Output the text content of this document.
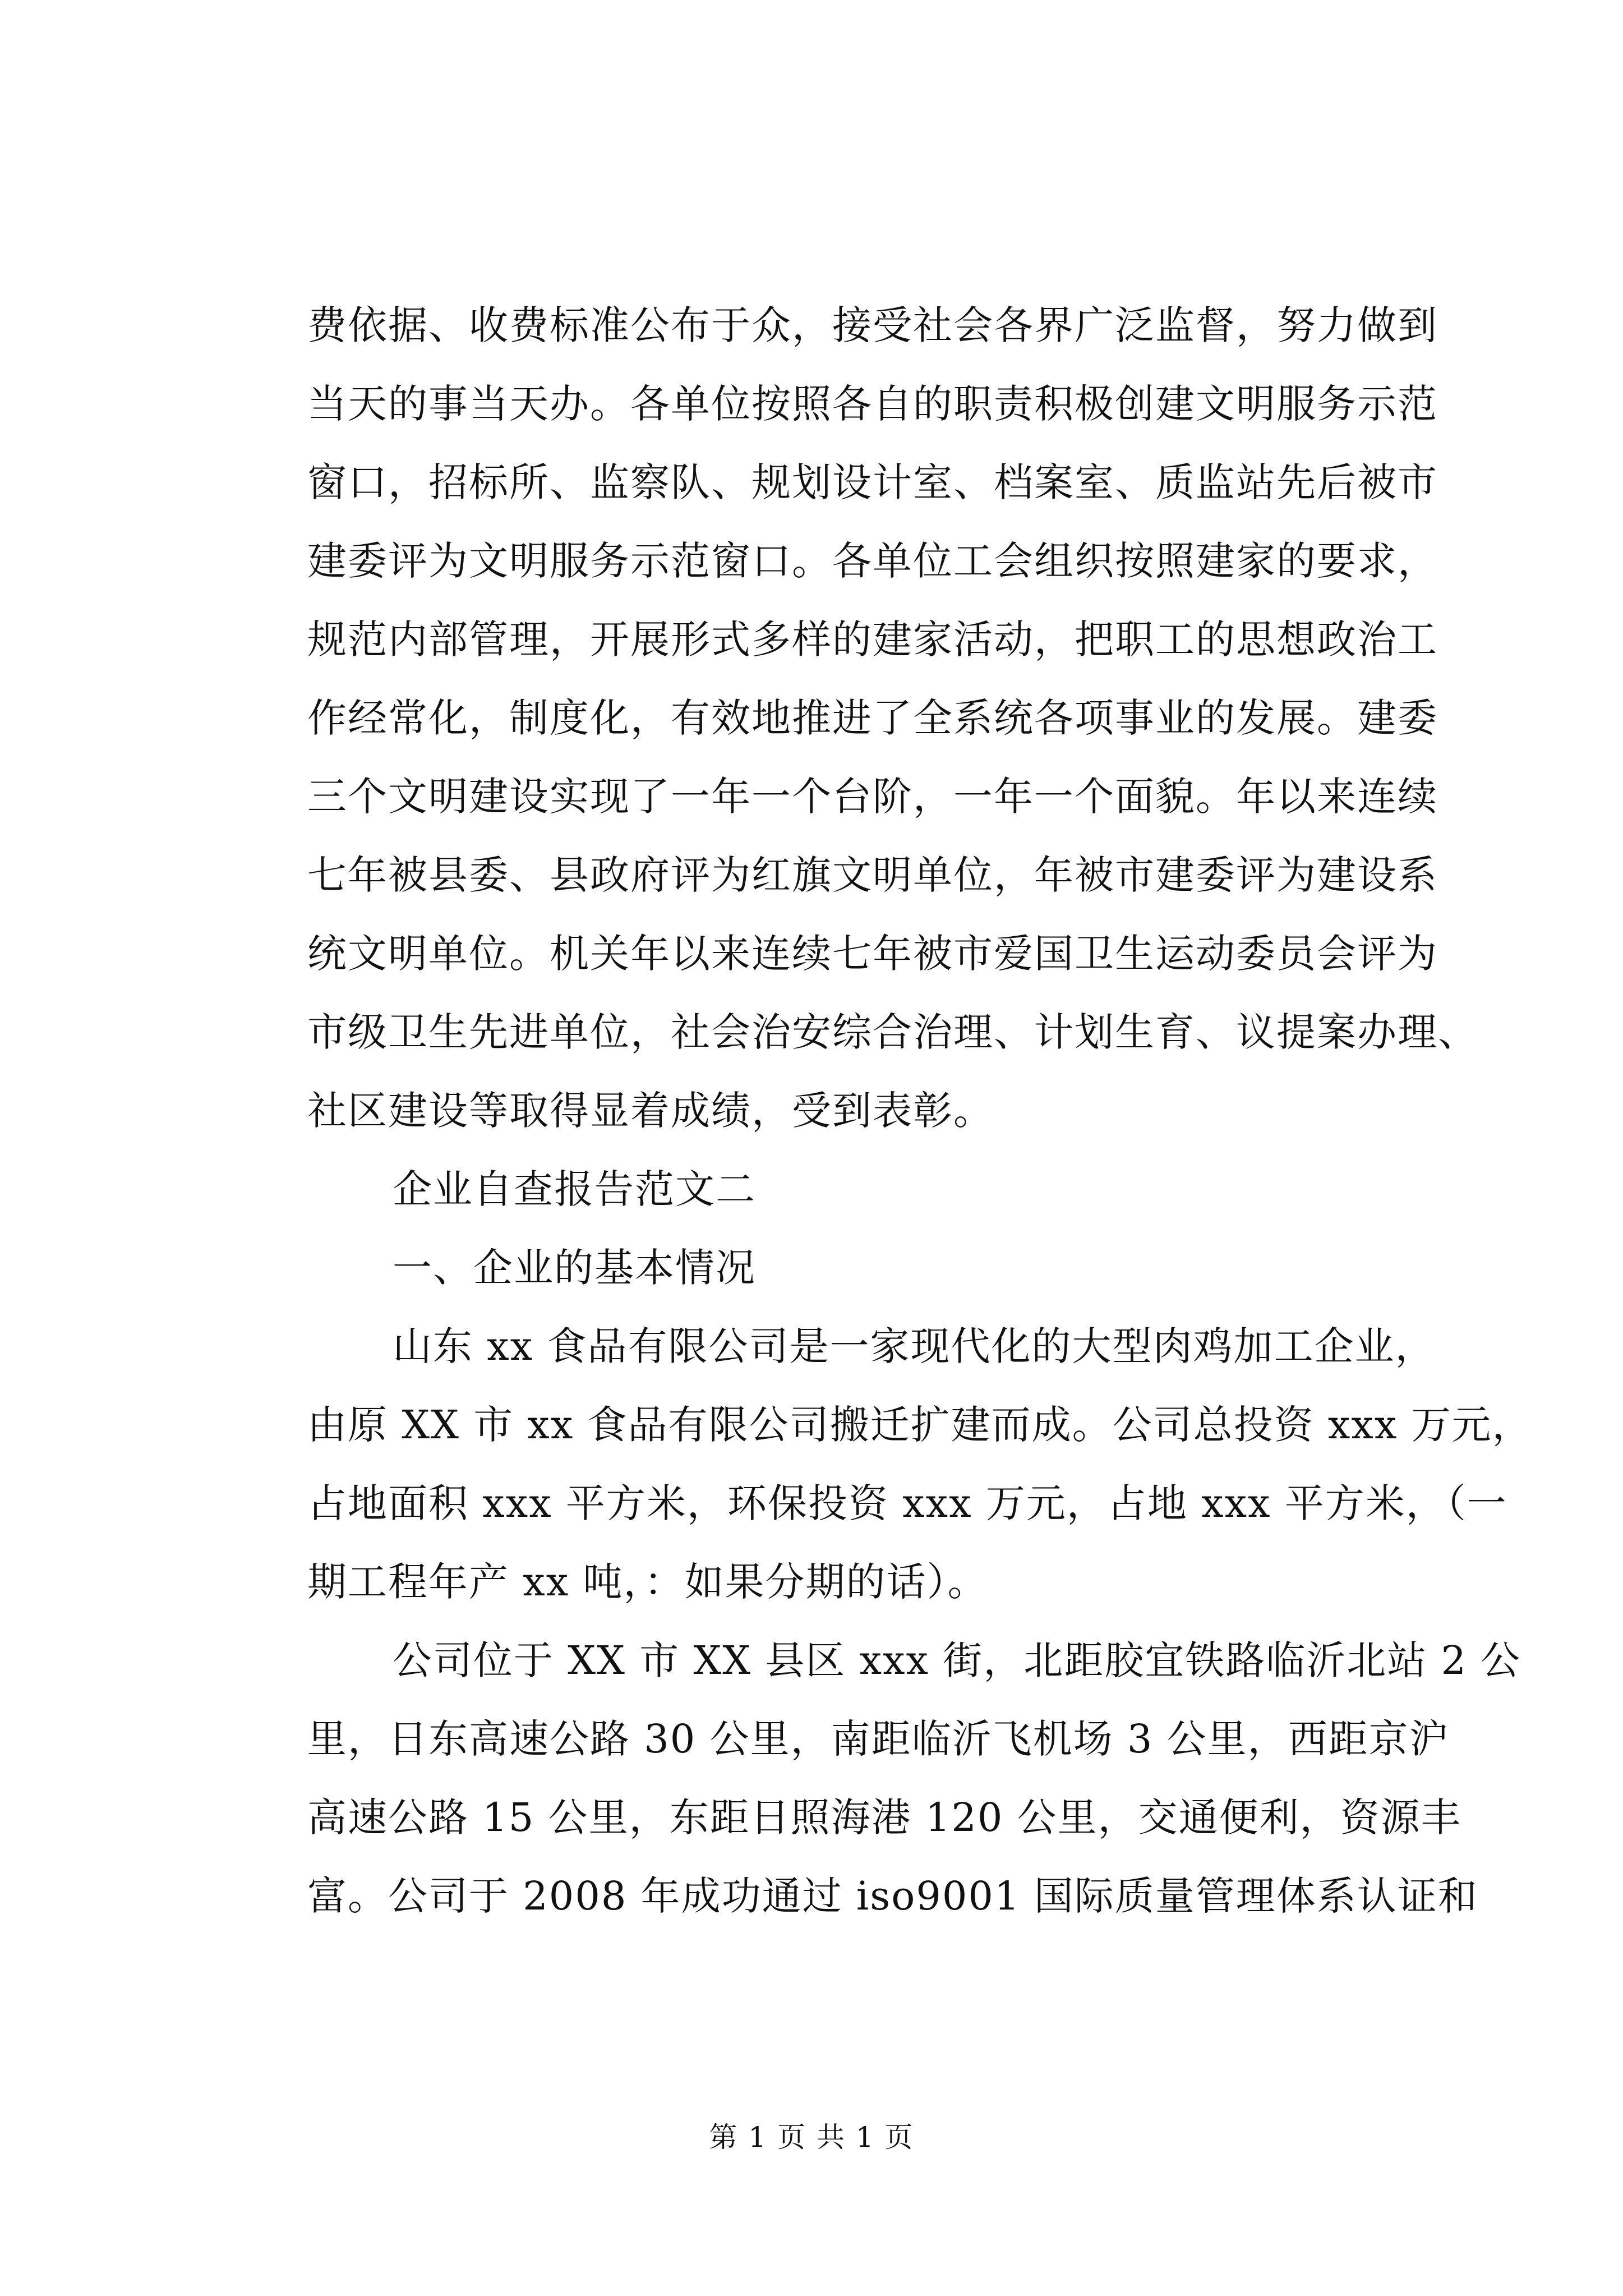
费依据、收费标准公布于众，接受社会各界广泛监督，努力做到
当天的事当天办。各单位按照各自的职责积极创建文明服务示范
窗口，招标所、监察队、规划设计室、档案室、质监站先后被市
建委评为文明服务示范窗口。各单位工会组织按照建家的要求，
规范内部管理，开展形式多样的建家活动，把职工的思想政治工
作经常化，制度化，有效地推进了全系统各项事业的发展。建委
三个文明建设实现了一年一个台阶，一年一个面貌。年以来连续
七年被县委、县政府评为红旗文明单位，年被市建委评为建设系
统文明单位。机关年以来连续七年被市爱国卫生运动委员会评为
市级卫生先进单位，社会治安综合治理、计划生育、议提案办理、
社区建设等取得显着成绩，受到表彰。
企业自查报告范文二
一、企业的基本情况
山东 xx 食品有限公司是一家现代化的大型肉鸡加工企业，
由原 XX 市 xx 食品有限公司搬迁扩建而成。公司总投资 xxx 万元，
占地面积 xxx 平方米，环保投资 xxx 万元，占地 xxx 平方米，（一
期工程年产 xx 吨，：如果分期的话）。
公司位于 XX 市 XX 县区 xxx 街，北距胶宜铁路临沂北站 2 公
里，日东高速公路 30 公里，南距临沂飞机场 3 公里，西距京沪
高速公路 15 公里，东距日照海港 120 公里，交通便利，资源丰
富。公司于 2008 年成功通过 iso9001 国际质量管理体系认证和
第 1 页 共 1 页
